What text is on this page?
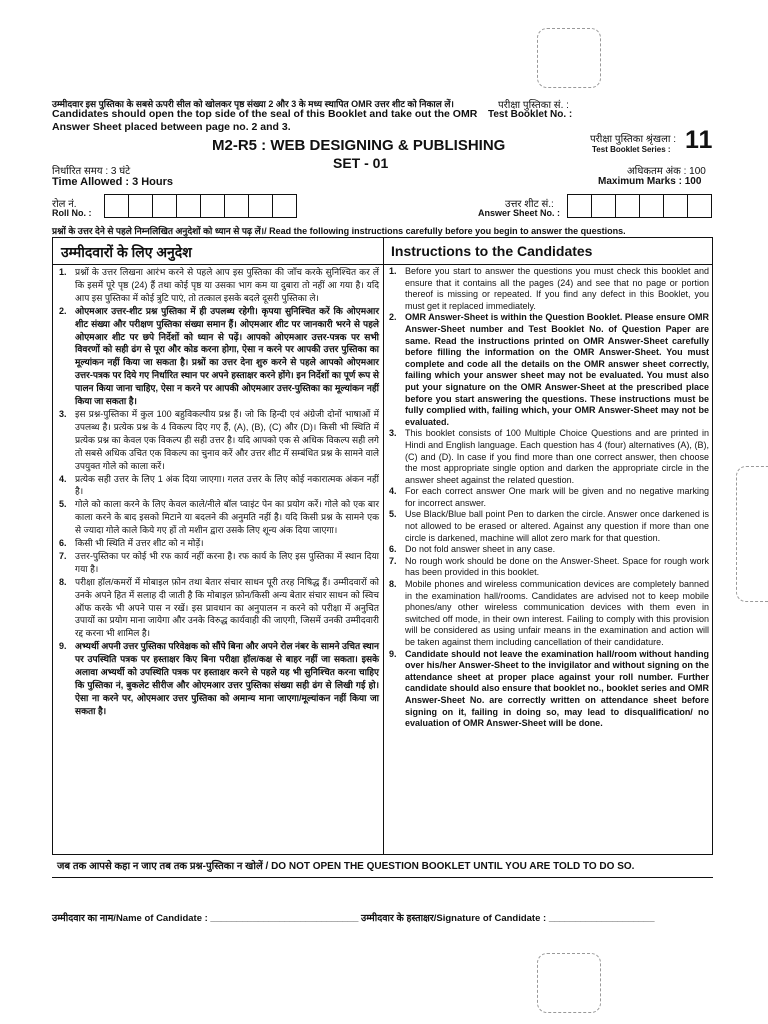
उम्मीदवार इस पुस्तिका के सबसे ऊपरी सील को खोलकर पृष्ठ संख्या 2 और 3 के मध्य स्थापित OMR उत्तर शीट को निकाल लें।
Candidates should open the top side of the seal of this Booklet and take out the OMR Answer Sheet placed between page no. 2 and 3.
परीक्षा पुस्तिका सं. :
Test Booklet No. :
परीक्षा पुस्तिका श्रृंखला :
Test Booklet Series : 11
M2-R5 : WEB DESIGNING & PUBLISHING
SET - 01
निर्धारित समय : 3 घंटे
Time Allowed : 3 Hours
अधिकतम अंक : 100
Maximum Marks : 100
रोल नं.
Roll No. :
उत्तर शीट सं.:
Answer Sheet No. :
प्रश्नों के उत्तर देने से पहले निम्नलिखित अनुदेशों को ध्यान से पढ़ लें।/ Read the following instructions carefully before you begin to answer the questions.
उम्मीदवारों के लिए अनुदेश	Instructions to the Candidates
1. प्रश्नों के उत्तर लिखना आरंभ करने से पहले आप इस पुस्तिका की जाँच करके सुनिश्चित कर लें कि इसमें पूरे पृष्ठ (24) हैं तथा कोई पृष्ठ या उसका भाग कम या दुबारा तो नहीं आ गया है। यदि आप इस पुस्तिका में कोई त्रुटि पाएं, तो तत्काल इसके बदले दूसरी पुस्तिका ले।
2. ओएमआर उत्तर-शीट प्रश्न पुस्तिका में ही उपलब्ध रहेगी। कृपया सुनिश्चित करें कि ओएमआर शीट संख्या और परीक्षण पुस्तिका संख्या समान हैं। ओएमआर शीट पर जानकारी भरने से पहले ओएमआर शीट पर छपे निर्देशों को ध्यान से पढ़ें। आपको ओएमआर उत्तर-पत्रक पर सभी विवरणों को सही ढंग से पूरा और कोड करना होगा, ऐसा न करने पर आपकी उत्तर पुस्तिका का मूल्यांकन नहीं किया जा सकता है। प्रश्नों का उत्तर देना शुरु करने से पहले आपको ओएमआर उत्तर-पत्रक पर दिये गए निर्धारित स्थान पर अपने हस्ताक्षर करने होंगे। इन निर्देशों का पूर्ण रूप से पालन किया जाना चाहिए, ऐसा न करने पर आपकी ओएमआर उत्तर-पुस्तिका का मूल्यांकन नहीं किया जा सकता है।
3. इस प्रश्न-पुस्तिका में कुल 100 बहुविकल्पीय प्रश्न हैं। जो कि हिन्दी एवं अंग्रेजी दोनों भाषाओं में उपलब्ध है। प्रत्येक प्रश्न के 4 विकल्प दिए गए हैं, (A), (B), (C) और (D)। किसी भी स्थिति में प्रत्येक प्रश्न का केवल एक विकल्प ही सही उत्तर है। यदि आपको एक से अधिक विकल्प सही लगे तो सबसे अधिक उचित एक विकल्प का चुनाव करें और उत्तर शीट में सम्बंधित प्रश्न के सामने वाले उपयुक्त गोले को काला करें।
4. प्रत्येक सही उत्तर के लिए 1 अंक दिया जाएगा। गलत उत्तर के लिए कोई नकारात्मक अंकन नहीं है।
5. गोले को काला करने के लिए केवल काले/नीले बॉल प्वाइंट पेन का प्रयोग करें। गोले को एक बार काला करने के बाद इसको मिटाने या बदलने की अनुमति नहीं है। यदि किसी प्रश्न के सामने एक से ज्यादा गोले काले किये गए हों तो मशीन द्वारा उसके लिए शून्य अंक दिया जाएगा।
6. किसी भी स्थिति में उत्तर शीट को न मोड़ें।
7. उत्तर-पुस्तिका पर कोई भी रफ कार्य नहीं करना है। रफ कार्य के लिए इस पुस्तिका में स्थान दिया गया है।
8. परीक्षा हॉल/कमरों में मोबाइल फ़ोन तथा बेतार संचार साधन पूरी तरह निषिद्ध हैं। उम्मीदवारों को उनके अपने हित में सलाह दी जाती है कि मोबाइल फ़ोन/किसी अन्य बेतार संचार साधन को स्विच ऑफ करके भी अपने पास न रखें। इस प्रावधान का अनुपालन न करने को परीक्षा में अनुचित उपायों का प्रयोग माना जायेगा और उनके विरुद्ध कार्यवाही की जाएगी, जिसमें उनकी उम्मीदवारी रद्द करना भी शामिल है।
9. अभ्यर्थी अपनी उत्तर पुस्तिका परिवेक्षक को सौंपे बिना और अपने रोल नंबर के सामने उचित स्थान पर उपस्थिति पत्रक पर हस्ताक्षर किए बिना परीक्षा हॉल/कक्ष से बाहर नहीं जा सकता। इसके अलावा अभ्यर्थी को उपस्थिति पत्रक पर हस्ताक्षर करने से पहले यह भी सुनिश्चित करना चाहिए कि पुस्तिका नं, बुकलेट सीरीज और ओएमआर उत्तर पुस्तिका संख्या सही ढंग से लिखी गई हो। ऐसा ना करने पर, ओएमआर उत्तर पुस्तिका को अमान्य माना जाएगा/मूल्यांकन नहीं किया जा सकता है।
1. Before you start to answer the questions you must check this booklet and ensure that it contains all the pages (24) and see that no page or portion thereof is missing or repeated. If you find any defect in this Booklet, you must get it replaced immediately.
2. OMR Answer-Sheet is within the Question Booklet. Please ensure OMR Answer-Sheet number and Test Booklet No. of Question Paper are same. Read the instructions printed on OMR Answer-Sheet carefully before filling the information on the OMR Answer-Sheet. You must complete and code all the details on the OMR answer sheet correctly, failing which your answer sheet may not be evaluated. You must also put your signature on the OMR Answer-Sheet at the prescribed place before you start answering the questions. These instructions must be fully complied with, failing which, your OMR Answer-Sheet may not be evaluated.
3. This booklet consists of 100 Multiple Choice Questions and are printed in Hindi and English language. Each question has 4 (four) alternatives (A), (B), (C) and (D). In case if you find more than one correct answer, then choose the most appropriate single option and darken the appropriate circle in the answer sheet against the related question.
4. For each correct answer One mark will be given and no negative marking for incorrect answer.
5. Use Black/Blue ball point Pen to darken the circle. Answer once darkened is not allowed to be erased or altered. Against any question if more than one circle is darkened, machine will allot zero mark for that question.
6. Do not fold answer sheet in any case.
7. No rough work should be done on the Answer-Sheet. Space for rough work has been provided in this booklet.
8. Mobile phones and wireless communication devices are completely banned in the examination hall/rooms. Candidates are advised not to keep mobile phones/any other wireless communication devices with them even in switched off mode, in their own interest. Failing to comply with this provision will be considered as using unfair means in the examination and action will be taken against them including cancellation of their candidature.
9. Candidate should not leave the examination hall/room without handing over his/her Answer-Sheet to the invigilator and without signing on the attendance sheet at proper place against your roll number. Further candidate should also ensure that booklet no., booklet series and OMR Answer-Sheet No. are correctly written on attendance sheet before signing on it, failing in doing so, may lead to disqualification/ no evaluation of OMR Answer-Sheet will be done.
जब तक आपसे कहा न जाए तब तक प्रश्न-पुस्तिका न खोलें / DO NOT OPEN THE QUESTION BOOKLET UNTIL YOU ARE TOLD TO DO SO.
उम्मीदवार का नाम/Name of Candidate : ____________________________ उम्मीदवार के हस्ताक्षर/Signature of Candidate : ____________________
